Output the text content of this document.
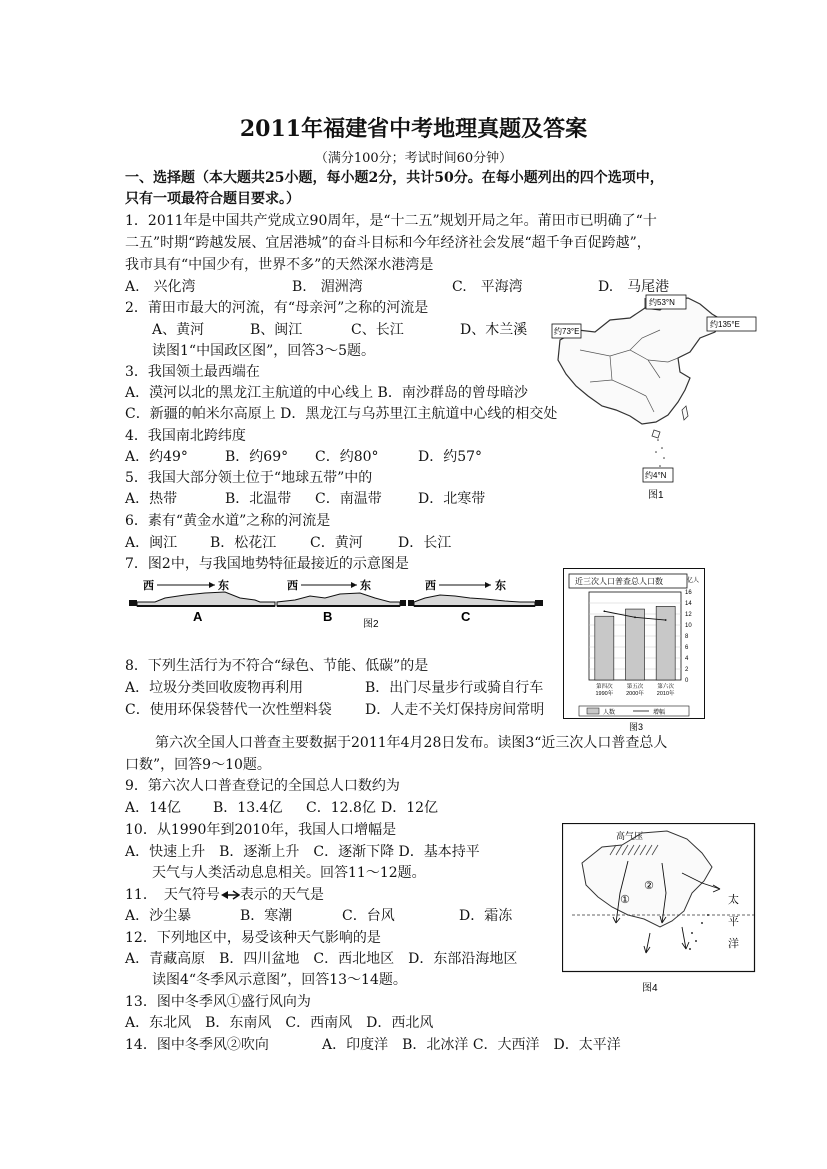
2011年福建省中考地理真题及答案
（满分100分；考试时间60分钟）
一、选择题（本大题共25小题，每小题2分，共计50分。在每小题列出的四个选项中，
只有一项最符合题目要求。）
1．2011年是中国共产党成立90周年，是“十二五”规划开局之年。莆田市已明确了“十
二五”时期“跨越发展、宜居港城”的奋斗目标和今年经济社会发展“超千争百促跨越”，
我市具有“中国少有，世界不多”的天然深水港湾是
A.　兴化湾	B.　湄洲湾	C.　平海湾	D.　马尾港
2．莆田市最大的河流，有“母亲河”之称的河流是
A、黄河	B、闽江	C、长江	D、木兰溪
读图1“中国政区图”，回答3～5题。
3．我国领土最西端在
A．漠河以北的黑龙江主航道的中心线上 B．南沙群岛的曾母暗沙
C．新疆的帕米尔高原上 D．黑龙江与乌苏里江主航道中心线的相交处
4．我国南北跨纬度
A．约49°	B．约69° C．约80°	D．约57°
5．我国大部分领土位于“地球五带”中的
A．热带	B．北温带 C．南温带	D．北寒带
6．素有“黄金水道”之称的河流是
A．闽江 B．松花江 C．黄河	D．长江
7．图2中，与我国地势特征最接近的示意图是
西	东
A
西	东
B
西	东
C
图2
8．下列生活行为不符合“绿色、节能、低碳”的是
A．垃圾分类回收废物再利用	B．出门尽量步行或骑自行车
C．使用环保袋替代一次性塑料袋 D．人走不关灯保持房间常明
第六次全国人口普查主要数据于2011年4月28日发布。读图3“近三次人口普查总人
口数”，回答9～10题。
9．第六次人口普查登记的全国总人口数约为
A．14亿 B．13.4亿 C．12.8亿 D．12亿
10．从1990年到2010年，我国人口增幅是
A．快速上升　B．逐渐上升　C．逐渐下降 D．基本持平
天气与人类活动息息相关。回答11～12题。
11．　天气符号 表示的天气是
A．沙尘暴	B．寒潮	C．台风	D．霜冻
12．下列地区中，易受该种天气影响的是
A．青藏高原　B．四川盆地　C．西北地区　D．东部沿海地区
读图4“冬季风示意图”，回答13～14题。
13．图中冬季风①盛行风向为
A．东北风　B．东南风　C．西南风　D．西北风
14．图中冬季风②吹向	A．印度洋　B．北冰洋 C．大西洋　D．太平洋
约53°N
约135°E
约73°E
约4°N
图1
近三次人口普查总人口数	亿人
16
14
12
10
8
6
4
2
0
第四次
1990年
第五次
2000年
第六次
2010年
人数	增幅
图3
高气压
①
②
太
平
洋
图4
